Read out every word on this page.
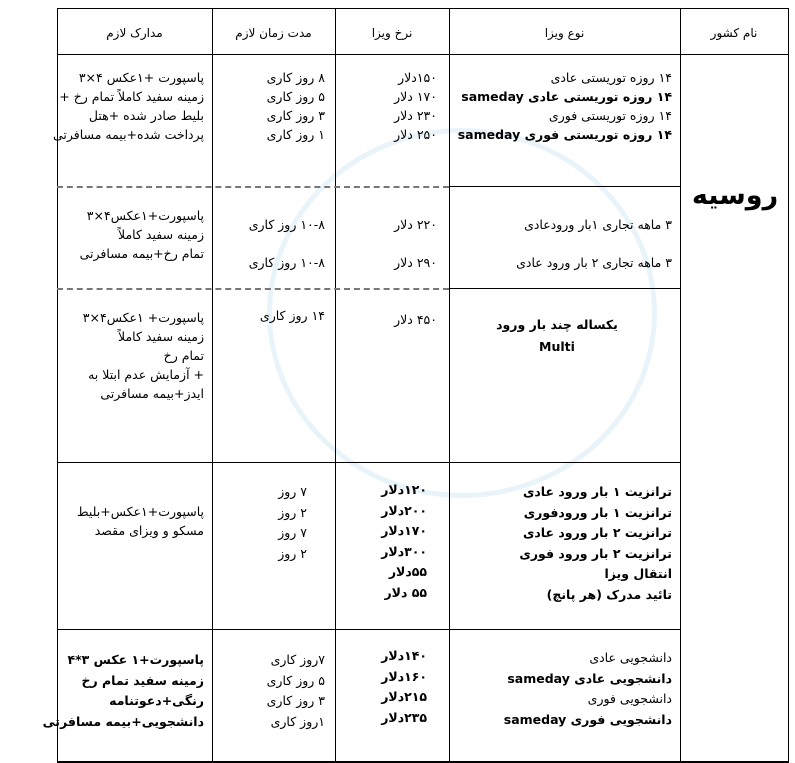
نام کشور
نوع ویزا
نرخ ویزا
مدت زمان لازم
مدارک لازم
روسیه
۱۴ روزه توریستی عادی
۱۴ روزه توریستی عادی sameday
۱۴ روزه توریستی فوری
۱۴ روزه توریستی فوری sameday
۱۵۰دلار
۱۷۰ دلار
۲۳۰ دلار
۲۵۰ دلار
۸ روز کاری
۵ روز کاری
۳ روز کاری
۱ روز کاری
پاسپورت +۱عکس ۴×۳
زمینه سفید کاملاً تمام رخ +
بلیط صادر شده +هتل
پرداخت شده+بیمه مسافرتی
۳ ماهه تجاری ۱بار ورودعادی
۳ ماهه تجاری ۲ بار ورود عادی
۲۲۰ دلار
۲۹۰ دلار
۱۰-۸ روز کاری
۱۰-۸ روز کاری
پاسپورت+۱عکس۴×۳
زمینه سفید کاملاً
تمام رخ+بیمه مسافرتی
یکساله چند بار ورود
Multi
۴۵۰ دلار
۱۴ روز کاری
پاسپورت+ ۱عکس۴×۳
زمینه سفید کاملاً
تمام رخ
+ آزمایش عدم ابتلا به
ایدز+بیمه مسافرتی
ترانزیت ۱ بار ورود عادی
ترانزیت ۱ بار ورودفوری
ترانزیت ۲ بار ورود عادی
ترانزیت ۲ بار ورود فوری
انتقال ویزا
تائید مدرک (هر پانچ)
۱۲۰دلار
۲۰۰دلار
۱۷۰دلار
۳۰۰دلار
۵۵دلار
۵۵ دلار
۷ روز
۲ روز
۷ روز
۲ روز
پاسپورت+۱عکس+بلیط
مسکو و ویزای مقصد
دانشجویی عادی
دانشجویی عادی sameday
دانشجویی فوری
دانشجویی فوری sameday
۱۴۰دلار
۱۶۰دلار
۲۱۵دلار
۲۳۵دلار
۷روز کاری
۵ روز کاری
۳ روز کاری
۱روز کاری
پاسپورت+۱ عکس ۳*۴
زمینه سفید تمام رخ
رنگی+دعوتنامه
دانشجویی+بیمه مسافرتی
